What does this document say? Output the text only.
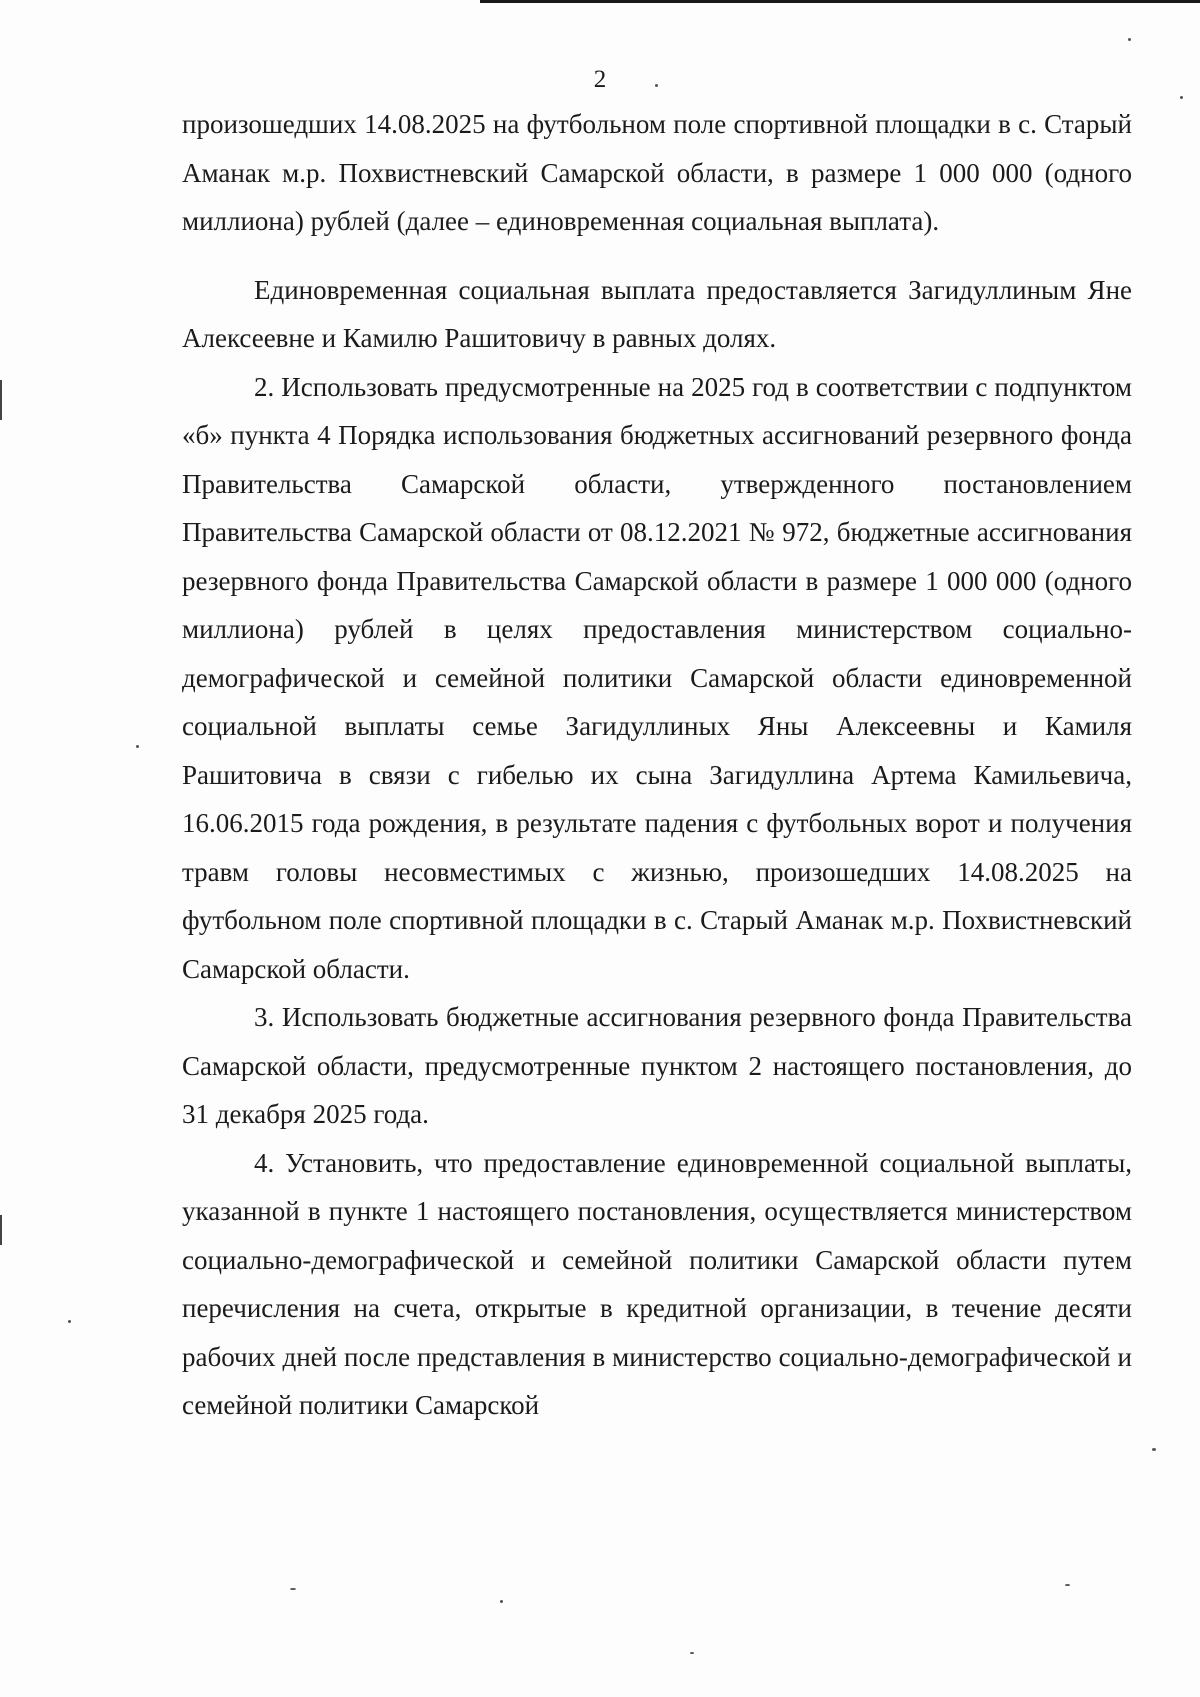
2

произошедших 14.08.2025 на футбольном поле спортивной площадки в с. Старый Аманак м.р. Похвистневский Самарской области, в размере 1 000 000 (одного миллиона) рублей (далее – единовременная социальная выплата).

Единовременная социальная выплата предоставляется Загидуллиным Яне Алексеевне и Камилю Рашитовичу в равных долях.

2. Использовать предусмотренные на 2025 год в соответствии с подпунктом «б» пункта 4 Порядка использования бюджетных ассигнований резервного фонда Правительства Самарской области, утвержденного постановлением Правительства Самарской области от 08.12.2021 № 972, бюджетные ассигнования резервного фонда Правительства Самарской области в размере 1 000 000 (одного миллиона) рублей в целях предоставления министерством социально-демографической и семейной политики Самарской области единовременной социальной выплаты семье Загидуллиных Яны Алексеевны и Камиля Рашитовича в связи с гибелью их сына Загидуллина Артема Камильевича, 16.06.2015 года рождения, в результате падения с футбольных ворот и получения травм головы несовместимых с жизнью, произошедших 14.08.2025 на футбольном поле спортивной площадки в с. Старый Аманак м.р. Похвистневский Самарской области.

3. Использовать бюджетные ассигнования резервного фонда Правительства Самарской области, предусмотренные пунктом 2 настоящего постановления, до 31 декабря 2025 года.

4. Установить, что предоставление единовременной социальной выплаты, указанной в пункте 1 настоящего постановления, осуществляется министерством социально-демографической и семейной политики Самарской области путем перечисления на счета, открытые в кредитной организации, в течение десяти рабочих дней после представления в министерство социально-демографической и семейной политики Самарской
